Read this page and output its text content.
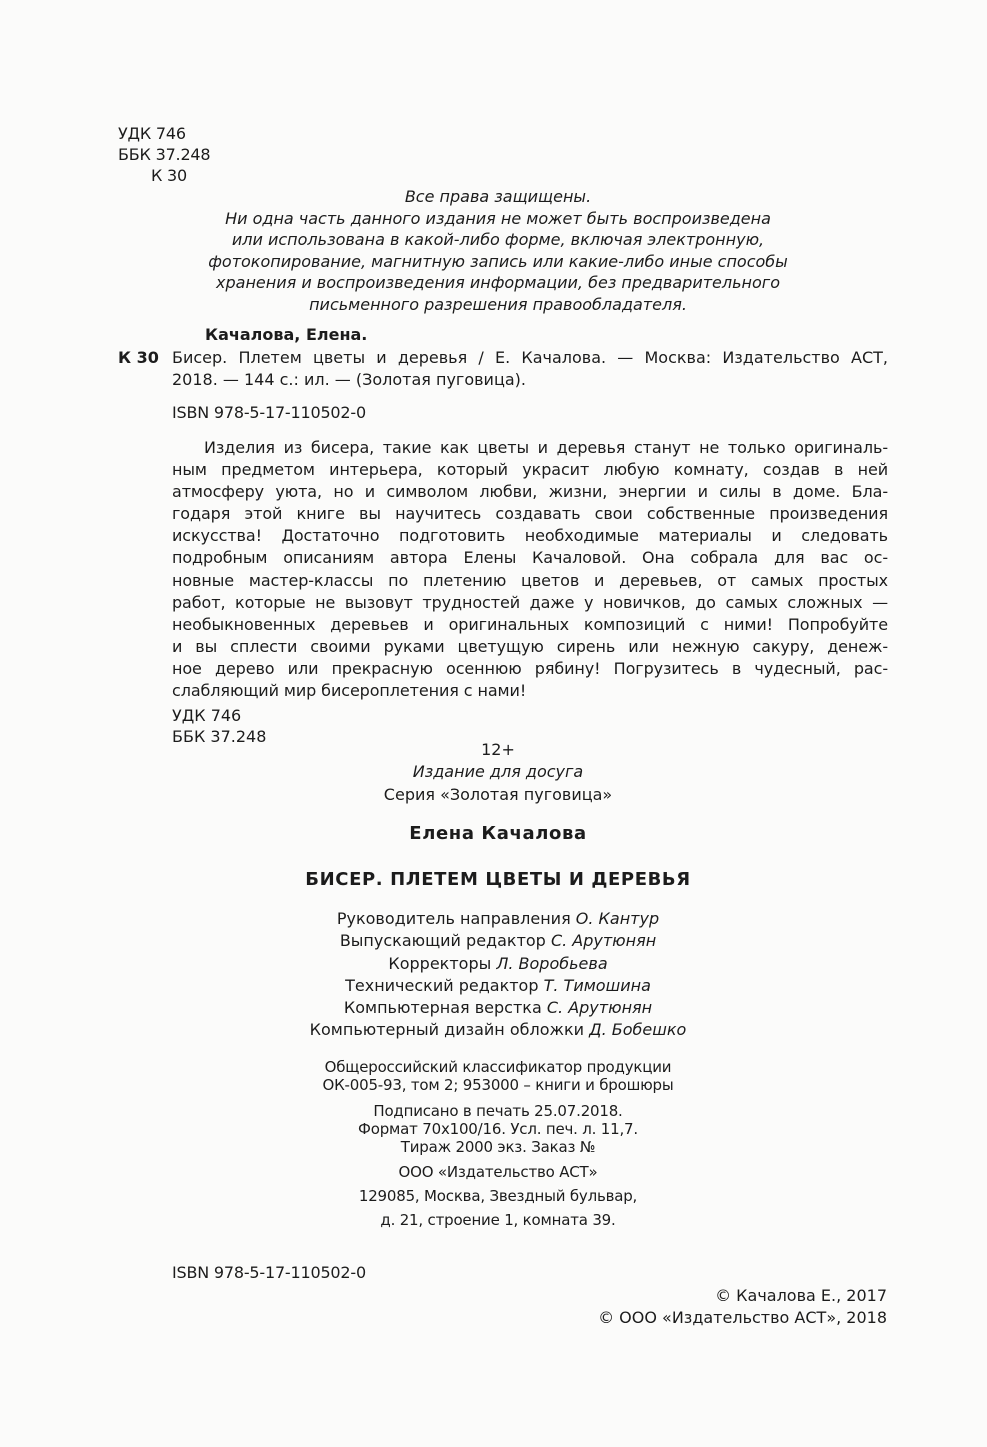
УДК 746
ББК 37.248
К 30
Все права защищены.
Ни одна часть данного издания не может быть воспроизведена
или использована в какой-либо форме, включая электронную,
фотокопирование, магнитную запись или какие-либо иные способы
хранения и воспроизведения информации, без предварительного
письменного разрешения правообладателя.
Качалова, Елена.
К 30 Бисер. Плетем цветы и деревья / Е. Качалова. — Москва: Издательство АСТ,
2018. — 144 с.: ил. — (Золотая пуговица).
ISBN 978-5-17-110502-0
Изделия из бисера, такие как цветы и деревья станут не только оригиналь-
ным предметом интерьера, который украсит любую комнату, создав в ней
атмосферу уюта, но и символом любви, жизни, энергии и силы в доме. Бла-
годаря этой книге вы научитесь создавать свои собственные произведения
искусства! Достаточно подготовить необходимые материалы и следовать
подробным описаниям автора Елены Качаловой. Она собрала для вас ос-
новные мастер-классы по плетению цветов и деревьев, от самых простых
работ, которые не вызовут трудностей даже у новичков, до самых сложных —
необыкновенных деревьев и оригинальных композиций с ними! Попробуйте
и вы сплести своими руками цветущую сирень или нежную сакуру, денеж-
ное дерево или прекрасную осеннюю рябину! Погрузитесь в чудесный, рас-
слабляющий мир бисероплетения с нами!
УДК 746
ББК 37.248
12+
Издание для досуга
Серия «Золотая пуговица»
Елена Качалова
БИСЕР. ПЛЕТЕМ ЦВЕТЫ И ДЕРЕВЬЯ
Руководитель направления О. Кантур
Выпускающий редактор С. Арутюнян
Корректоры Л. Воробьева
Технический редактор Т. Тимошина
Компьютерная верстка С. Арутюнян
Компьютерный дизайн обложки Д. Бобешко
Общероссийский классификатор продукции
ОК-005-93, том 2; 953000 – книги и брошюры
Подписано в печать 25.07.2018.
Формат 70x100/16. Усл. печ. л. 11,7.
Тираж 2000 экз. Заказ №
ООО «Издательство АСТ»
129085, Москва, Звездный бульвар,
д. 21, строение 1, комната 39.
ISBN 978-5-17-110502-0
© Качалова Е., 2017
© ООО «Издательство АСТ», 2018
